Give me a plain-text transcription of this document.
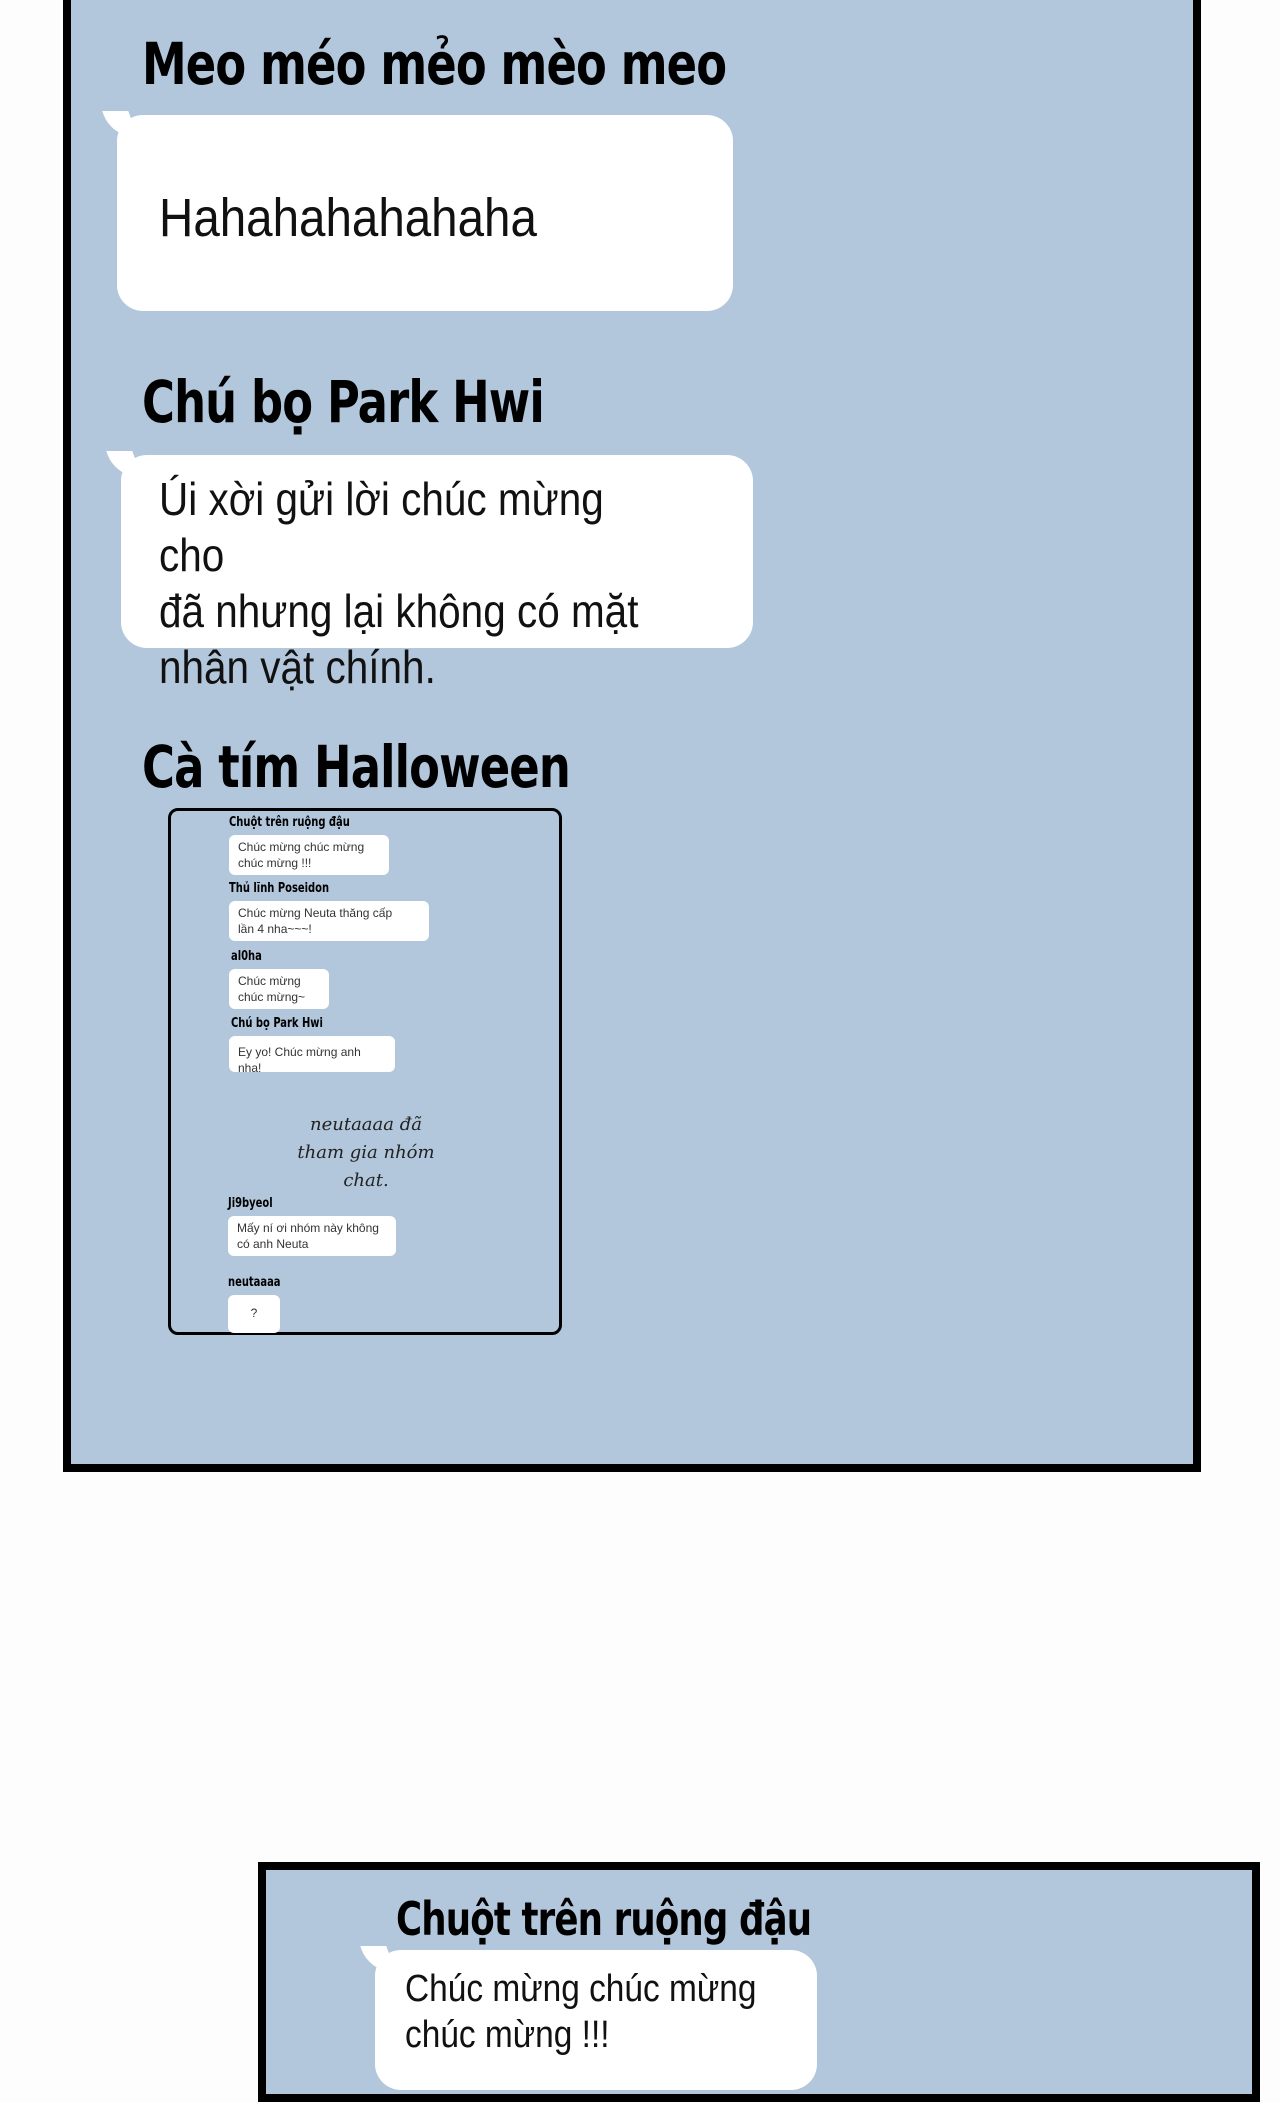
Meo méo mẻo mèo meo
Hahahahahahaha
Chú bọ Park Hwi
Úi xời gửi lời chúc mừng cho
đã nhưng lại không có mặt
nhân vật chính.
Cà tím Halloween
Chuột trên ruộng đậu
Chúc mừng chúc mừng
chúc mừng !!!
Thủ lĩnh Poseidon
Chúc mừng Neuta thăng cấp
lần 4 nha~~~!
al0ha
Chúc mừng
chúc mừng~
Chú bọ Park Hwi
Ey yo! Chúc mừng anh nha!
neutaaaa đã tham gia nhóm chat.
Ji9byeol
Mấy ní ơi nhóm này không
có anh Neuta
neutaaaa
?
Chuột trên ruộng đậu
Chúc mừng chúc mừng
chúc mừng !!!
